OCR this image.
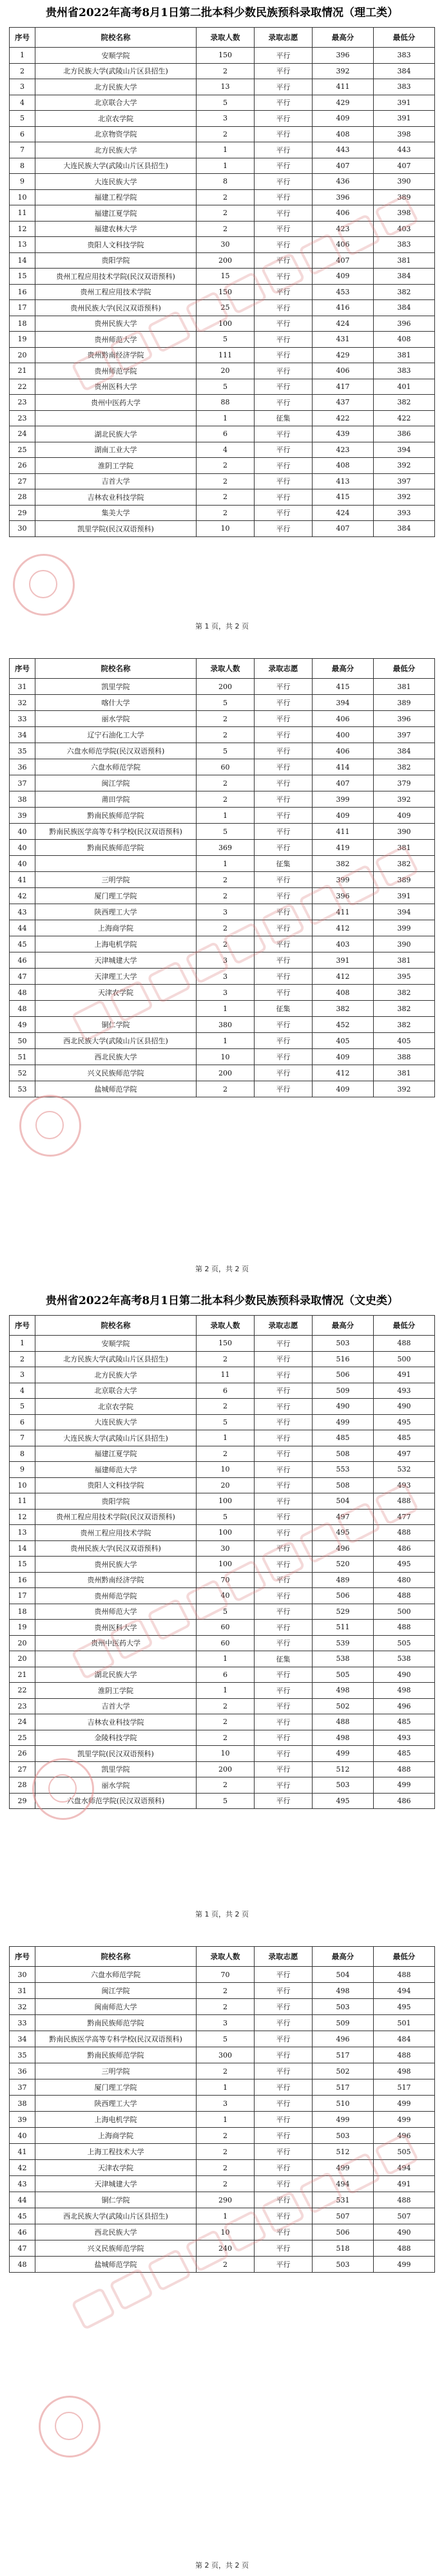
贵州省2022年高考8月1日第二批本科少数民族预科录取情况（理工类）
序号	院校名称	录取人数	录取志愿	最高分	最低分
1	安顺学院	150	平行	396	383
2	北方民族大学(武陵山片区县招生)	2	平行	392	384
3	北方民族大学	13	平行	411	383
4	北京联合大学	5	平行	429	391
5	北京农学院	3	平行	409	391
6	北京物资学院	2	平行	408	398
7	北方民族大学	1	平行	443	443
8	大连民族大学(武陵山片区县招生)	1	平行	407	407
9	大连民族大学	8	平行	436	390
10	福建工程学院	2	平行	396	389
11	福建江夏学院	2	平行	406	398
12	福建农林大学	2	平行	423	403
13	贵阳人文科技学院	30	平行	406	383
14	贵阳学院	200	平行	407	381
15	贵州工程应用技术学院(民汉双语预科)	15	平行	409	384
16	贵州工程应用技术学院	150	平行	453	382
17	贵州民族大学(民汉双语预科)	25	平行	416	384
18	贵州民族大学	100	平行	424	396
19	贵州师范大学	5	平行	431	408
20	贵州黔南经济学院	111	平行	429	381
21	贵州师范学院	20	平行	406	383
22	贵州医科大学	5	平行	417	401
23	贵州中医药大学	88	平行	437	382
23		1	征集	422	422
24	湖北民族大学	6	平行	439	386
25	湖南工业大学	4	平行	423	394
26	淮阴工学院	2	平行	408	392
27	吉首大学	2	平行	413	397
28	吉林农业科技学院	2	平行	415	392
29	集美大学	2	平行	424	393
30	凯里学院(民汉双语预科)	10	平行	407	384
第 1 页，共 2 页
序号	院校名称	录取人数	录取志愿	最高分	最低分
31	凯里学院	200	平行	415	381
32	喀什大学	5	平行	394	389
33	丽水学院	2	平行	406	396
34	辽宁石油化工大学	2	平行	400	397
35	六盘水师范学院(民汉双语预科)	5	平行	406	384
36	六盘水师范学院	60	平行	414	382
37	闽江学院	2	平行	407	379
38	莆田学院	2	平行	399	392
39	黔南民族师范学院	1	平行	409	409
40	黔南民族医学高等专科学校(民汉双语预科)	5	平行	411	390
40	黔南民族师范学院	369	平行	419	381
40		1	征集	382	382
41	三明学院	2	平行	399	389
42	厦门理工学院	2	平行	396	391
43	陕西理工大学	3	平行	411	394
44	上海商学院	2	平行	412	399
45	上海电机学院	2	平行	403	390
46	天津城建大学	3	平行	391	381
47	天津理工大学	3	平行	412	395
48	天津农学院	3	平行	408	382
48		1	征集	382	382
49	铜仁学院	380	平行	452	382
50	西北民族大学(武陵山片区县招生)	1	平行	405	405
51	西北民族大学	10	平行	409	388
52	兴义民族师范学院	200	平行	412	381
53	盐城师范学院	2	平行	409	392
第 2 页，共 2 页
贵州省2022年高考8月1日第二批本科少数民族预科录取情况（文史类）
序号	院校名称	录取人数	录取志愿	最高分	最低分
1	安顺学院	150	平行	503	488
2	北方民族大学(武陵山片区县招生)	2	平行	516	500
3	北方民族大学	11	平行	506	491
4	北京联合大学	6	平行	509	493
5	北京农学院	2	平行	490	490
6	大连民族大学	5	平行	499	495
7	大连民族大学(武陵山片区县招生)	1	平行	485	485
8	福建江夏学院	2	平行	508	497
9	福建师范大学	10	平行	553	532
10	贵阳人文科技学院	20	平行	508	493
11	贵阳学院	100	平行	504	488
12	贵州工程应用技术学院(民汉双语预科)	5	平行	497	477
13	贵州工程应用技术学院	100	平行	495	488
14	贵州民族大学(民汉双语预科)	30	平行	496	486
15	贵州民族大学	100	平行	520	495
16	贵州黔南经济学院	70	平行	489	480
17	贵州师范学院	40	平行	506	488
18	贵州师范大学	5	平行	529	500
19	贵州医科大学	60	平行	511	488
20	贵州中医药大学	60	平行	539	505
20		1	征集	538	538
21	湖北民族大学	6	平行	505	490
22	淮阴工学院	1	平行	498	498
23	吉首大学	2	平行	502	496
24	吉林农业科技学院	2	平行	488	485
25	金陵科技学院	2	平行	498	493
26	凯里学院(民汉双语预科)	10	平行	499	485
27	凯里学院	200	平行	512	488
28	丽水学院	2	平行	503	499
29	六盘水师范学院(民汉双语预科)	5	平行	495	486
第 1 页，共 2 页
序号	院校名称	录取人数	录取志愿	最高分	最低分
30	六盘水师范学院	70	平行	504	488
31	闽江学院	2	平行	498	494
32	闽南师范大学	2	平行	503	495
33	黔南民族师范学院	3	平行	509	501
34	黔南民族医学高等专科学校(民汉双语预科)	5	平行	496	484
35	黔南民族师范学院	300	平行	517	488
36	三明学院	2	平行	502	498
37	厦门理工学院	1	平行	517	517
38	陕西理工大学	3	平行	510	499
39	上海电机学院	1	平行	499	499
40	上海商学院	2	平行	503	496
41	上海工程技术大学	2	平行	512	505
42	天津农学院	2	平行	499	494
43	天津城建大学	2	平行	494	491
44	铜仁学院	290	平行	531	488
45	西北民族大学(武陵山片区县招生)	1	平行	507	507
46	西北民族大学	10	平行	506	490
47	兴义民族师范学院	240	平行	518	488
48	盐城师范学院	2	平行	503	499
第 2 页，共 2 页
